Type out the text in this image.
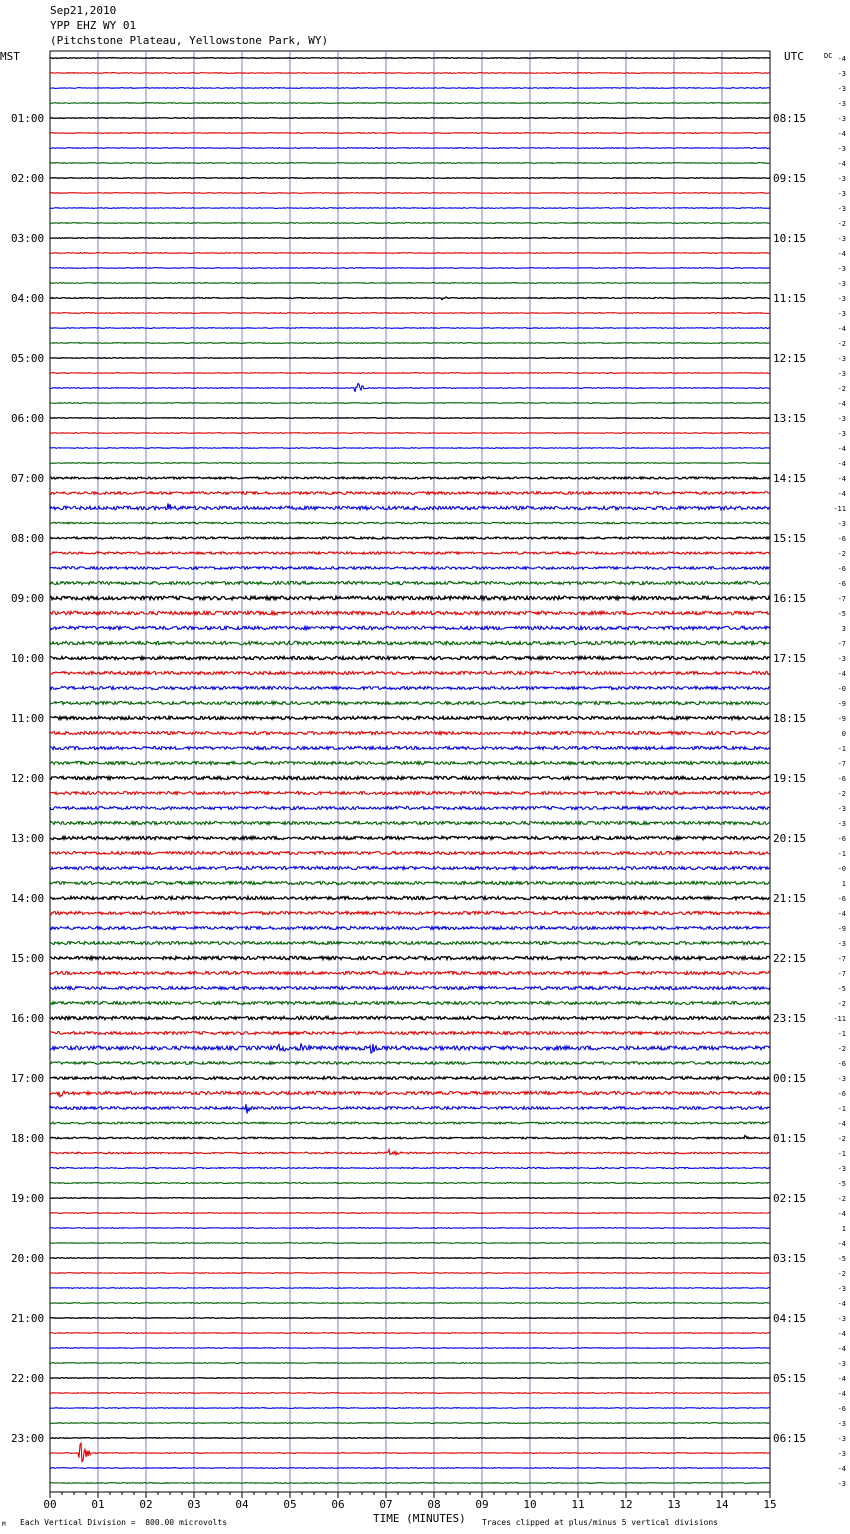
Sep21,2010
YPP EHZ WY 01
(Pitchstone Plateau, Yellowstone Park, WY)
MST	UTC	DC
01:00	08:15
02:00	09:15
03:00	10:15
04:00	11:15
05:00	12:15
06:00	13:15
07:00	14:15
08:00	15:15
09:00	16:15
10:00	17:15
11:00	18:15
12:00	19:15
13:00	20:15
14:00	21:15
15:00	22:15
16:00	23:15
17:00	00:15
18:00	01:15
19:00	02:15
20:00	03:15
21:00	04:15
22:00	05:15
23:00	06:15
-4
-3
-3
-3
-3
-4
-3
-4
-3
-3
-3
-2
-3
-4
-3
-3
-3
-3
-4
-2
-3
-3
-2
-4
-3
-3
-4
-4
-4
-4
-11
-3
-6
-2
-6
-6
-7
-5
3
-7
-3
-4
-0
-9
-9
0
-1
-7
-6
-2
-3
-3
-6
-1
-0
1
-6
-4
-9
-3
-7
-7
-5
-2
-11
-1
-2
-6
-3
-6
-1
-4
-2
-1
-3
-5
-2
-4
1
-4
-5
-2
-3
-4
-3
-4
-4
-3
-4
-4
-6
-3
-3
-3
-4
-3
00	01	02	03	04	05	06	07	08	09	10	11	12	13	14	15
M Each Vertical Division =  800.00 microvolts	TIME (MINUTES) Traces clipped at plus/minus 5 vertical divisions
